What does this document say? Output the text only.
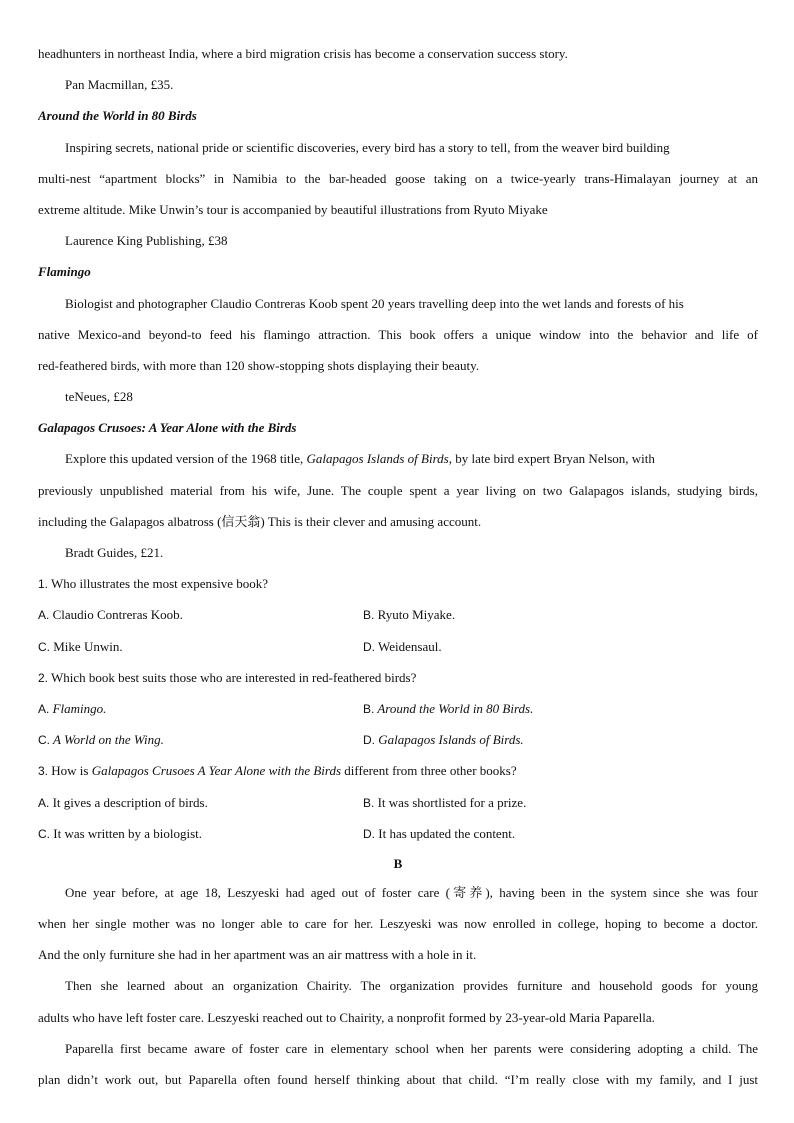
headhunters in northeast India, where a bird migration crisis has become a conservation success story.
Pan Macmillan, £35.
Around the World in 80 Birds
Inspiring secrets, national pride or scientific discoveries, every bird has a story to tell, from the weaver bird building
multi-nest “apartment blocks” in Namibia to the bar-headed goose taking on a twice-yearly trans-Himalayan journey at an
extreme altitude. Mike Unwin’s tour is accompanied by beautiful illustrations from Ryuto Miyake
Laurence King Publishing, £38
Flamingo
Biologist and photographer Claudio Contreras Koob spent 20 years travelling deep into the wet lands and forests of his
native Mexico-and beyond-to feed his flamingo attraction. This book offers a unique window into the behavior and life of
red-feathered birds, with more than 120 show-stopping shots displaying their beauty.
teNeues, £28
Galapagos Crusoes: A Year Alone with the Birds
Explore this updated version of the 1968 title, Galapagos Islands of Birds, by late bird expert Bryan Nelson, with
previously unpublished material from his wife, June. The couple spent a year living on two Galapagos islands, studying birds,
including the Galapagos albatross (信天翁) This is their clever and amusing account.
Bradt Guides, £21.
1. Who illustrates the most expensive book?
A. Claudio Contreras Koob.	B. Ryuto Miyake.
C. Mike Unwin.	D. Weidensaul.
2. Which book best suits those who are interested in red-feathered birds?
A. Flamingo.	B. Around the World in 80 Birds.
C. A World on the Wing.	D. Galapagos Islands of Birds.
3. How is Galapagos Crusoes A Year Alone with the Birds different from three other books?
A. It gives a description of birds.	B. It was shortlisted for a prize.
C. It was written by a biologist.	D. It has updated the content.
B
One year before, at age 18, Leszyeski had aged out of foster care (寄养), having been in the system since she was four
when her single mother was no longer able to care for her. Leszyeski was now enrolled in college, hoping to become a doctor.
And the only furniture she had in her apartment was an air mattress with a hole in it.
Then she learned about an organization Chairity. The organization provides furniture and household goods for young
adults who have left foster care. Leszyeski reached out to Chairity, a nonprofit formed by 23-year-old Maria Paparella.
Paparella first became aware of foster care in elementary school when her parents were considering adopting a child. The
plan didn’t work out, but Paparella often found herself thinking about that child. “I’m really close with my family, and I just
